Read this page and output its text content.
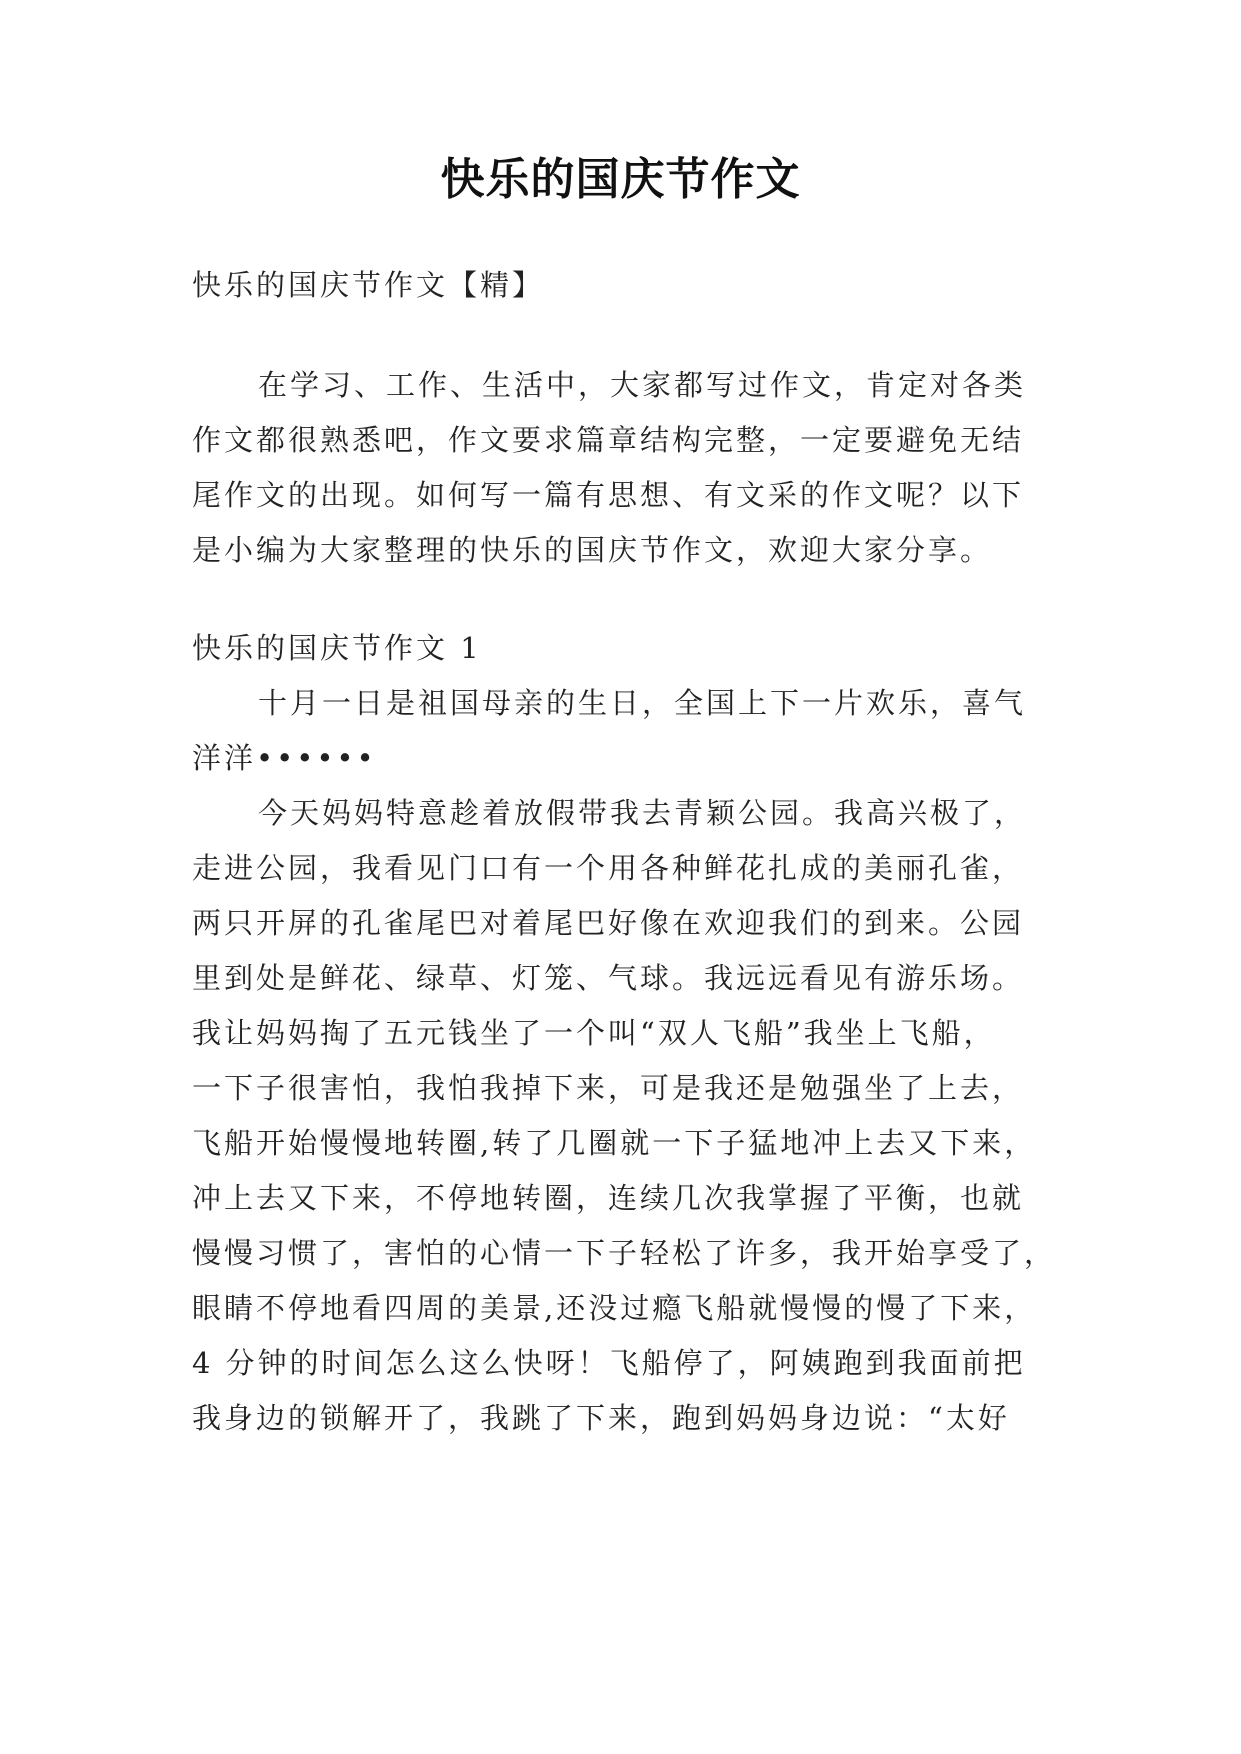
快乐的国庆节作文
快乐的国庆节作文【精】
在学习、工作、生活中，大家都写过作文，肯定对各类
作文都很熟悉吧，作文要求篇章结构完整，一定要避免无结
尾作文的出现。如何写一篇有思想、有文采的作文呢？以下
是小编为大家整理的快乐的国庆节作文，欢迎大家分享。
快乐的国庆节作文 1
十月一日是祖国母亲的生日，全国上下一片欢乐，喜气
洋洋••••••
今天妈妈特意趁着放假带我去青颖公园。我高兴极了，
走进公园，我看见门口有一个用各种鲜花扎成的美丽孔雀，
两只开屏的孔雀尾巴对着尾巴好像在欢迎我们的到来。公园
里到处是鲜花、绿草、灯笼、气球。我远远看见有游乐场。
我让妈妈掏了五元钱坐了一个叫“双人飞船”我坐上飞船，
一下子很害怕，我怕我掉下来，可是我还是勉强坐了上去，
飞船开始慢慢地转圈,转了几圈就一下子猛地冲上去又下来，
冲上去又下来，不停地转圈，连续几次我掌握了平衡，也就
慢慢习惯了，害怕的心情一下子轻松了许多，我开始享受了，
眼睛不停地看四周的美景,还没过瘾飞船就慢慢的慢了下来，
4 分钟的时间怎么这么快呀！飞船停了，阿姨跑到我面前把
我身边的锁解开了，我跳了下来，跑到妈妈身边说：“太好
